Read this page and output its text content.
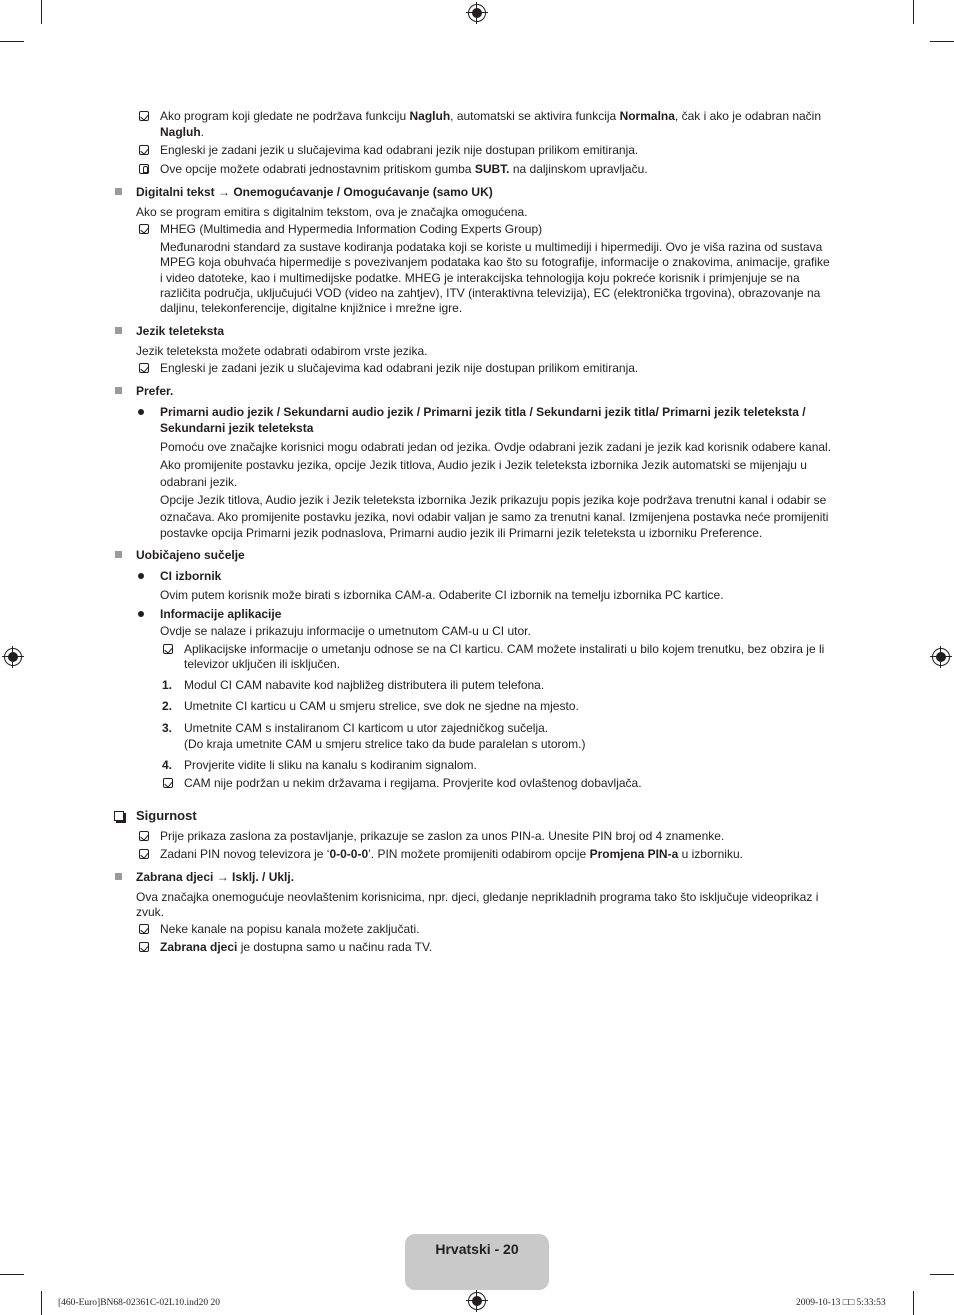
Ako program koji gledate ne podržava funkciju Nagluh, automatski se aktivira funkcija Normalna, čak i ako je odabran način
Nagluh.
Engleski je zadani jezik u slučajevima kad odabrani jezik nije dostupan prilikom emitiranja.
Ove opcije možete odabrati jednostavnim pritiskom gumba SUBT. na daljinskom upravljaču.
Digitalni tekst → Onemogućavanje / Omogućavanje (samo UK)
Ako se program emitira s digitalnim tekstom, ova je značajka omogućena.
MHEG (Multimedia and Hypermedia Information Coding Experts Group)
Međunarodni standard za sustave kodiranja podataka koji se koriste u multimediji i hipermediji. Ovo je viša razina od sustava
MPEG koja obuhvaća hipermedije s povezivanjem podataka kao što su fotografije, informacije o znakovima, animacije, grafike
i video datoteke, kao i multimedijske podatke. MHEG je interakcijska tehnologija koju pokreće korisnik i primjenjuje se na
različita područja, uključujući VOD (video na zahtjev), ITV (interaktivna televizija), EC (elektronička trgovina), obrazovanje na
daljinu, telekonferencije, digitalne knjižnice i mrežne igre.
Jezik teleteksta
Jezik teleteksta možete odabrati odabirom vrste jezika.
Engleski je zadani jezik u slučajevima kad odabrani jezik nije dostupan prilikom emitiranja.
Prefer.
Primarni audio jezik / Sekundarni audio jezik / Primarni jezik titla / Sekundarni jezik titla/ Primarni jezik teleteksta /
Sekundarni jezik teleteksta
Pomoću ove značajke korisnici mogu odabrati jedan od jezika. Ovdje odabrani jezik zadani je jezik kad korisnik odabere kanal.
Ako promijenite postavku jezika, opcije Jezik titlova, Audio jezik i Jezik teleteksta izbornika Jezik automatski se mijenjaju u
odabrani jezik.
Opcije Jezik titlova, Audio jezik i Jezik teleteksta izbornika Jezik prikazuju popis jezika koje podržava trenutni kanal i odabir se
označava. Ako promijenite postavku jezika, novi odabir valjan je samo za trenutni kanal. Izmijenjena postavka neće promijeniti
postavke opcija Primarni jezik podnaslova, Primarni audio jezik ili Primarni jezik teleteksta u izborniku Preference.
Uobičajeno sučelje
CI izbornik
Ovim putem korisnik može birati s izbornika CAM-a. Odaberite CI izbornik na temelju izbornika PC kartice.
Informacije aplikacije
Ovdje se nalaze i prikazuju informacije o umetnutom CAM-u u CI utor.
Aplikacijske informacije o umetanju odnose se na CI karticu. CAM možete instalirati u bilo kojem trenutku, bez obzira je li
televizor uključen ili isključen.
1. Modul CI CAM nabavite kod najbližeg distributera ili putem telefona.
2. Umetnite CI karticu u CAM u smjeru strelice, sve dok ne sjedne na mjesto.
3. Umetnite CAM s instaliranom CI karticom u utor zajedničkog sučelja.
(Do kraja umetnite CAM u smjeru strelice tako da bude paralelan s utorom.)
4. Provjerite vidite li sliku na kanalu s kodiranim signalom.
CAM nije podržan u nekim državama i regijama. Provjerite kod ovlaštenog dobavljača.
Sigurnost
Prije prikaza zaslona za postavljanje, prikazuje se zaslon za unos PIN-a. Unesite PIN broj od 4 znamenke.
Zadani PIN novog televizora je ‘0-0-0-0’. PIN možete promijeniti odabirom opcije Promjena PIN-a u izborniku.
Zabrana djeci → Isklj. / Uklj.
Ova značajka onemogućuje neovlaštenim korisnicima, npr. djeci, gledanje neprikladnih programa tako što isključuje videoprikaz i
zvuk.
Neke kanale na popisu kanala možete zaključati.
Zabrana djeci je dostupna samo u načinu rada TV.
Hrvatski - 20
[460-Euro]BN68-02361C-02L10.ind20 20	2009-10-13 □□ 5:33:53
